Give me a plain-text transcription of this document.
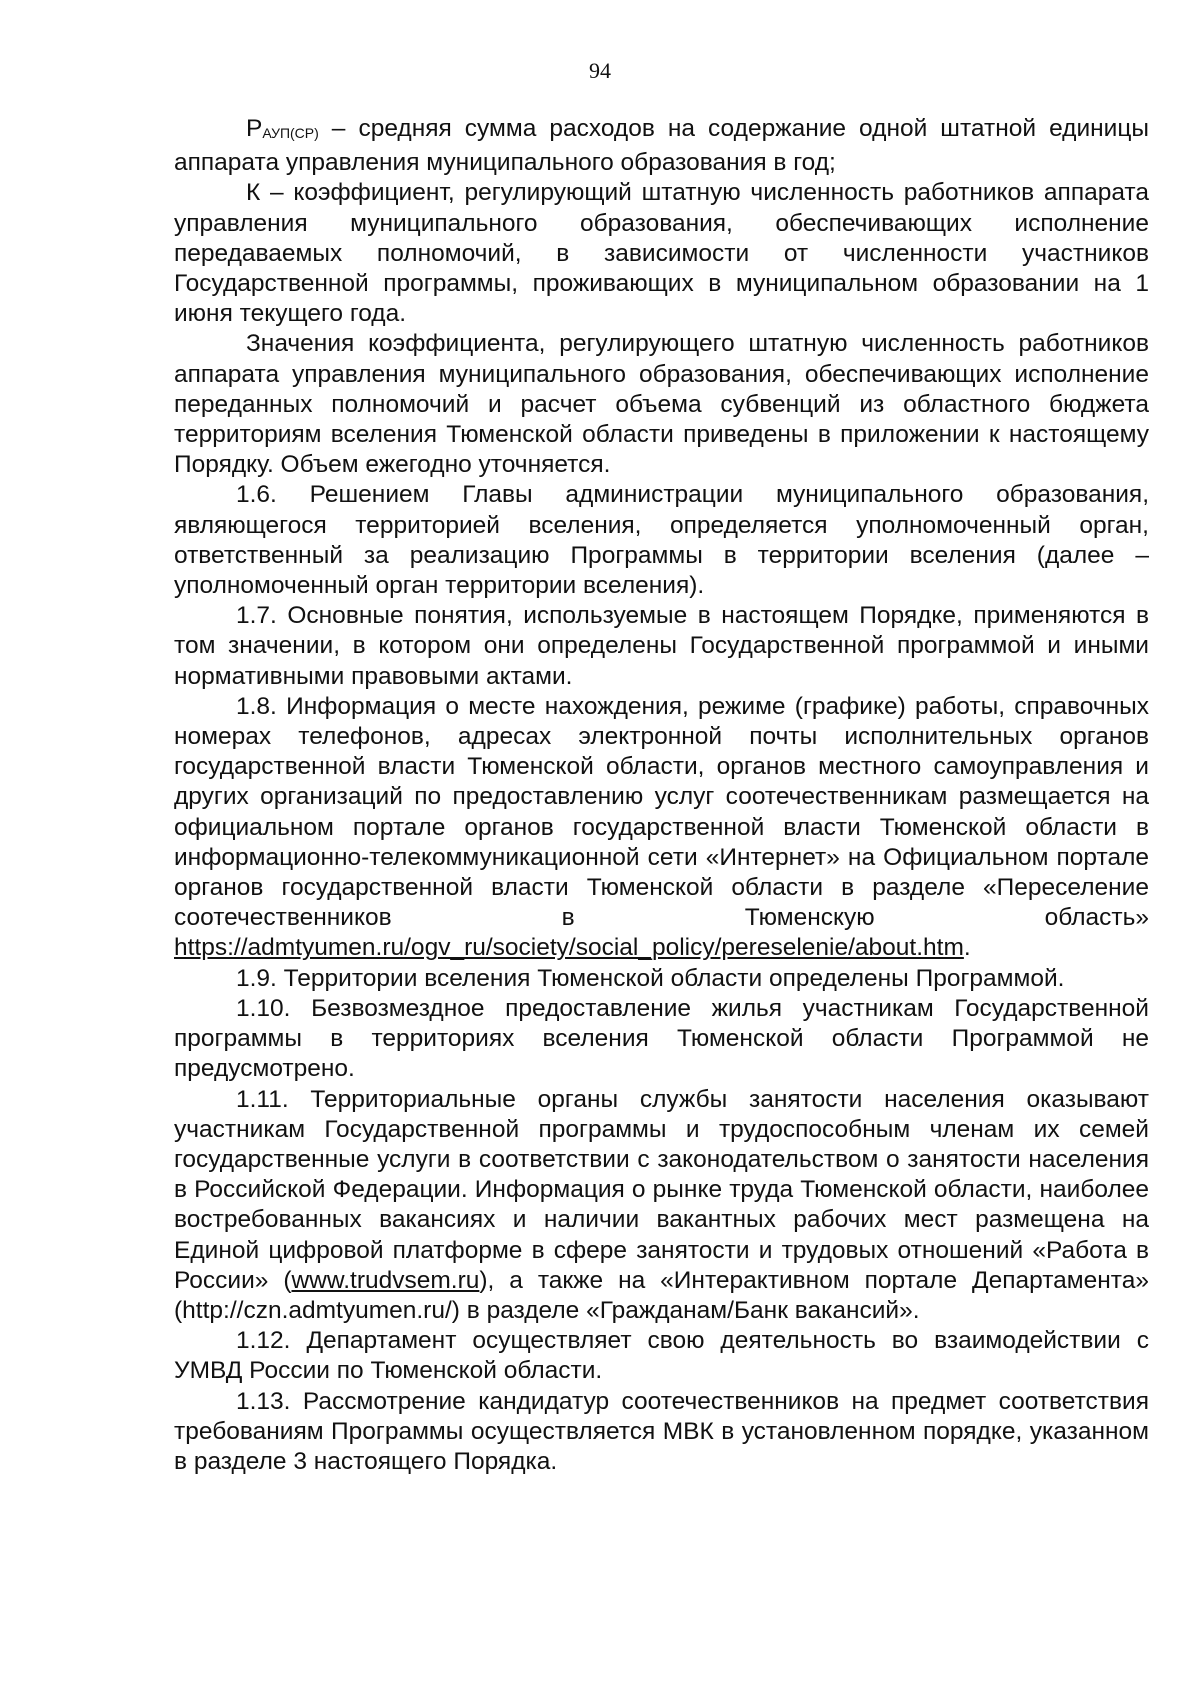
94

РАУП(СР) – средняя сумма расходов на содержание одной штатной единицы аппарата управления муниципального образования в год;

К – коэффициент, регулирующий штатную численность работников аппарата управления муниципального образования, обеспечивающих исполнение передаваемых полномочий, в зависимости от численности участников Государственной программы, проживающих в муниципальном образовании на 1 июня текущего года.

Значения коэффициента, регулирующего штатную численность работников аппарата управления муниципального образования, обеспечивающих исполнение переданных полномочий и расчет объема субвенций из областного бюджета территориям вселения Тюменской области приведены в приложении к настоящему Порядку. Объем ежегодно уточняется.

1.6. Решением Главы администрации муниципального образования, являющегося территорией вселения, определяется уполномоченный орган, ответственный за реализацию Программы в территории вселения (далее – уполномоченный орган территории вселения).

1.7. Основные понятия, используемые в настоящем Порядке, применяются в том значении, в котором они определены Государственной программой и иными нормативными правовыми актами.

1.8. Информация о месте нахождения, режиме (графике) работы, справочных номерах телефонов, адресах электронной почты исполнительных органов государственной власти Тюменской области, органов местного самоуправления и других организаций по предоставлению услуг соотечественникам размещается на официальном портале органов государственной власти Тюменской области в информационно-телекоммуникационной сети «Интернет» на Официальном портале органов государственной власти Тюменской области в разделе «Переселение соотечественников в Тюменскую область» https://admtyumen.ru/ogv_ru/society/social_policy/pereselenie/about.htm.

1.9. Территории вселения Тюменской области определены Программой.

1.10. Безвозмездное предоставление жилья участникам Государственной программы в территориях вселения Тюменской области Программой не предусмотрено.

1.11. Территориальные органы службы занятости населения оказывают участникам Государственной программы и трудоспособным членам их семей государственные услуги в соответствии с законодательством о занятости населения в Российской Федерации. Информация о рынке труда Тюменской области, наиболее востребованных вакансиях и наличии вакантных рабочих мест размещена на Единой цифровой платформе в сфере занятости и трудовых отношений «Работа в России» (www.trudvsem.ru), а также на «Интерактивном портале Департамента» (http://czn.admtyumen.ru/) в разделе «Гражданам/Банк вакансий».

1.12. Департамент осуществляет свою деятельность во взаимодействии с УМВД России по Тюменской области.

1.13. Рассмотрение кандидатур соотечественников на предмет соответствия требованиям Программы осуществляется МВК в установленном порядке, указанном в разделе 3 настоящего Порядка.
